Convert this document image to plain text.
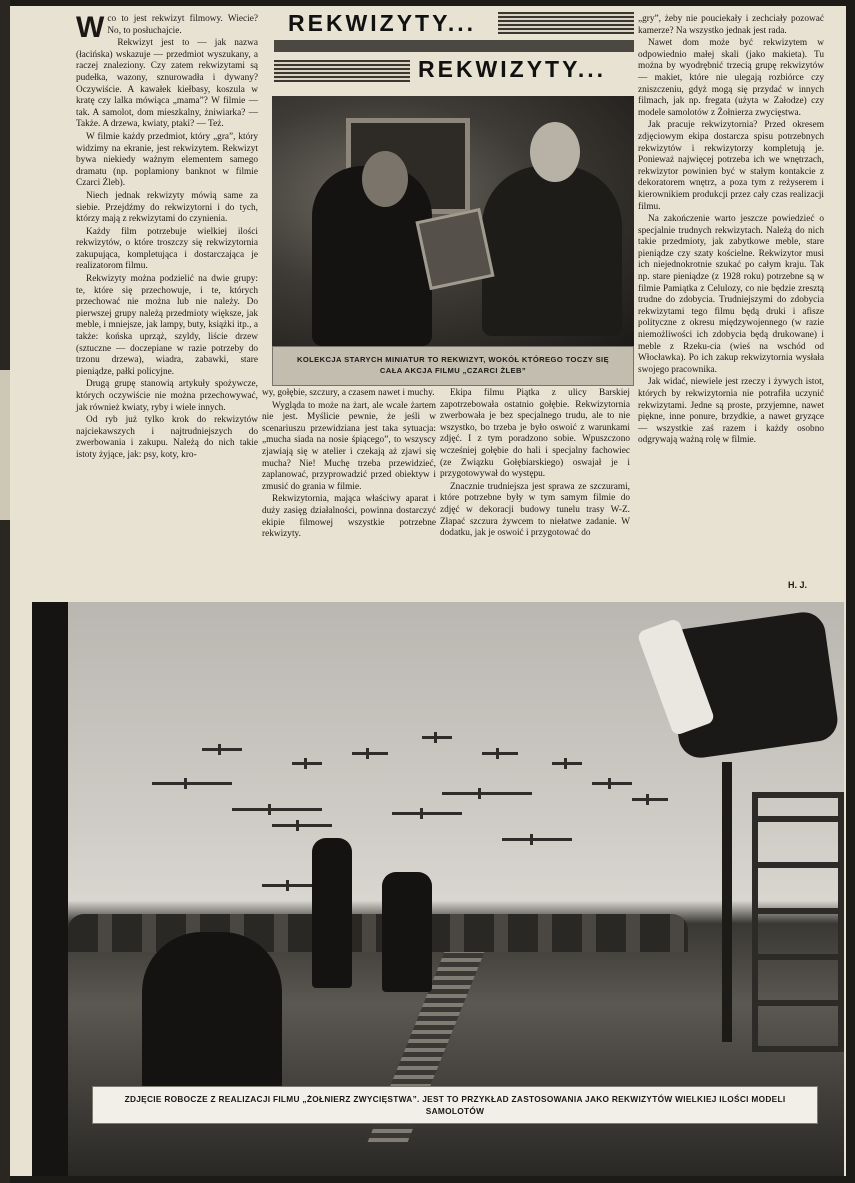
Wco to jest rekwizyt filmowy. Wiecie? No, to posłuchajcie.

Rekwizyt jest to — jak nazwa (łacińska) wskazuje — przedmiot wyszukany, a raczej znaleziony. Czy zatem rekwizytami są pudełka, wazony, sznurowadła i dywany? Oczywiście. A kawałek kiełbasy, koszula w kratę czy lalka mówiąca „mama”? W filmie — tak. A samolot, dom mieszkalny, żniwiarka? — Także. A drzewa, kwiaty, ptaki? — Też.

W filmie każdy przedmiot, który „gra”, który widzimy na ekranie, jest rekwizytem. Rekwizyt bywa niekiedy ważnym elementem samego dramatu (np. poplamiony banknot w filmie Czarci Żleb).

Niech jednak rekwizyty mówią same za siebie. Przejdźmy do rekwizytorni i do tych, którzy mają z rekwizytami do czynienia.

Każdy film potrzebuje wielkiej ilości rekwizytów, o które troszczy się rekwizytornia zakupująca, kompletująca i dostarczająca je realizatorom filmu.

Rekwizyty można podzielić na dwie grupy: te, które się przechowuje, i te, których przechować nie można lub nie należy. Do pierwszej grupy należą przedmioty większe, jak meble, i mniejsze, jak lampy, buty, książki itp., a także: końska uprząż, szyldy, liście drzew (sztuczne — doczepiane w razie potrzeby do trzonu drzewa), wiadra, zabawki, stare pieniądze, pałki policyjne.

Drugą grupę stanowią artykuły spożywcze, których oczywiście nie można przechowywać, jak również kwiaty, ryby i wiele innych.

Od ryb już tylko krok do rekwizytów najciekawszych i najtrudniejszych do zwerbowania i zakupu. Należą do nich takie istoty żyjące, jak: psy, koty, kro-

REKWIZYTY...
REKWIZYTY...
KOLEKCJA STARYCH MINIATUR TO REKWIZYT, WOKÓŁ KTÓREGO TOCZY SIĘ CAŁA AKCJA FILMU „CZARCI ŻLEB”

wy, gołębie, szczury, a czasem nawet i muchy.

Wygląda to może na żart, ale wcale żartem nie jest. Myślicie pewnie, że jeśli w scenariuszu przewidziana jest taka sytuacja: „mucha siada na nosie śpiącego”, to wszyscy zjawiają się w atelier i czekają aż zjawi się mucha? Nie! Muchę trzeba przewidzieć, zaplanować, przyprowadzić przed obiektyw i zmusić do grania w filmie.

Rekwizytornia, mająca właściwy aparat i duży zasięg działalności, powinna dostarczyć ekipie filmowej wszystkie potrzebne rekwizyty.

Ekipa filmu Piątka z ulicy Barskiej zapotrzebowała ostatnio gołębie. Rekwizytornia zwerbowała je bez specjalnego trudu, ale to nie wszystko, bo trzeba je było oswoić z warunkami zdjęć. I z tym poradzono sobie. Wpuszczono wcześniej gołębie do hali i specjalny fachowiec (ze Związku Gołębiarskiego) oswajał je i przygotowywał do występu.

Znacznie trudniejsza jest sprawa ze szczurami, które potrzebne były w tym samym filmie do zdjęć w dekoracji budowy tunelu trasy W-Z. Złapać szczura żywcem to niełatwe zadanie. W dodatku, jak je oswoić i przygotować do

„gry”, żeby nie pouciekały i zechciały pozować kamerze? Na wszystko jednak jest rada.

Nawet dom może być rekwizytem w odpowiednio małej skali (jako makieta). Tu można by wyodrębnić trzecią grupę rekwizytów — makiet, które nie ulegają rozbiórce czy zniszczeniu, gdyż mogą się przydać w innych filmach, jak np. fregata (użyta w Załodze) czy modele samolotów z Żołnierza zwycięstwa.

Jak pracuje rekwizytornia? Przed okresem zdjęciowym ekipa dostarcza spisu potrzebnych rekwizytów i rekwizytorzy kompletują je. Ponieważ najwięcej potrzeba ich we wnętrzach, rekwizytor powinien być w stałym kontakcie z dekoratorem wnętrz, a poza tym z reżyserem i kierownikiem produkcji przez cały czas realizacji filmu.

Na zakończenie warto jeszcze powiedzieć o specjalnie trudnych rekwizytach. Należą do nich takie przedmioty, jak zabytkowe meble, stare pieniądze czy szaty kościelne. Rekwizytor musi ich niejednokrotnie szukać po całym kraju. Tak np. stare pieniądze (z 1928 roku) potrzebne są w filmie Pamiątka z Celulozy, co nie będzie zresztą trudne do zdobycia. Trudniejszymi do zdobycia rekwizytami tego filmu będą druki i afisze polityczne z okresu międzywojennego (w razie niemożliwości ich zdobycia będą drukowane) i meble z Rzeku-cia (wieś na wschód od Włocławka). Po ich zakup rekwizytornia wysłała swojego pracownika.

Jak widać, niewiele jest rzeczy i żywych istot, których by rekwizytornia nie potrafiła uczynić rekwizytami. Jedne są proste, przyjemne, nawet piękne, inne ponure, brzydkie, a nawet gryzące — wszystkie zaś razem i każdy osobno odgrywają ważną rolę w filmie.

H. J.
ZDJĘCIE ROBOCZE Z REALIZACJI FILMU „ŻOŁNIERZ ZWYCIĘSTWA”. JEST TO PRZYKŁAD ZASTOSOWANIA JAKO REKWIZYTÓW WIELKIEJ ILOŚCI MODELI SAMOLOTÓW
